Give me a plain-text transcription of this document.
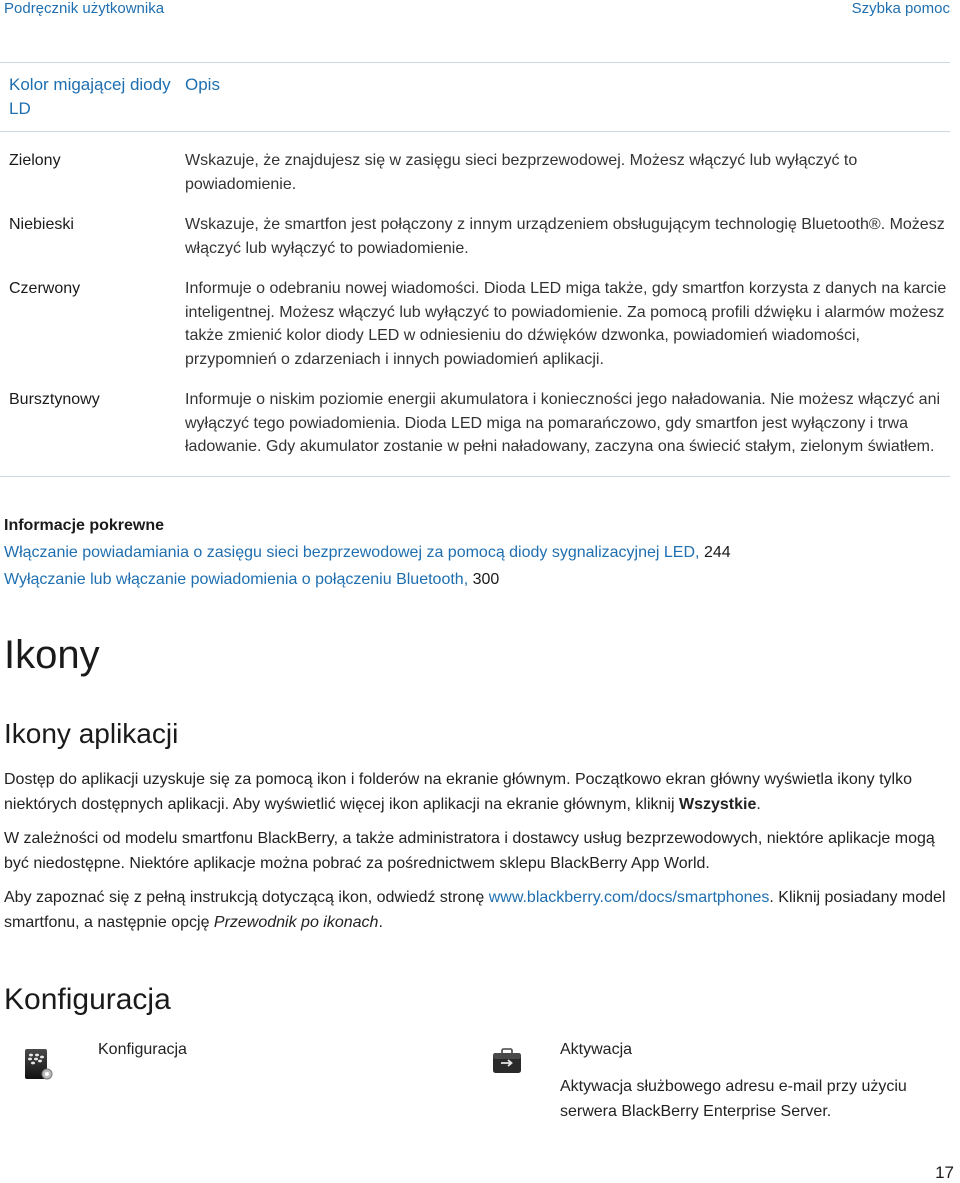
Podręcznik użytkownika	Szybka pomoc
Kolor migającej diody LD	Opis
Zielony	Wskazuje, że znajdujesz się w zasięgu sieci bezprzewodowej. Możesz włączyć lub wyłączyć to powiadomienie.
Niebieski	Wskazuje, że smartfon jest połączony z innym urządzeniem obsługującym technologię Bluetooth®. Możesz włączyć lub wyłączyć to powiadomienie.
Czerwony	Informuje o odebraniu nowej wiadomości. Dioda LED miga także, gdy smartfon korzysta z danych na karcie inteligentnej. Możesz włączyć lub wyłączyć to powiadomienie. Za pomocą profili dźwięku i alarmów możesz także zmienić kolor diody LED w odniesieniu do dźwięków dzwonka, powiadomień wiadomości, przypomnień o zdarzeniach i innych powiadomień aplikacji.
Bursztynowy	Informuje o niskim poziomie energii akumulatora i konieczności jego naładowania. Nie możesz włączyć ani wyłączyć tego powiadomienia. Dioda LED miga na pomarańczowo, gdy smartfon jest wyłączony i trwa ładowanie. Gdy akumulator zostanie w pełni naładowany, zaczyna ona świecić stałym, zielonym światłem.
Informacje pokrewne
Włączanie powiadamiania o zasięgu sieci bezprzewodowej za pomocą diody sygnalizacyjnej LED, 244
Wyłączanie lub włączanie powiadomienia o połączeniu Bluetooth, 300
Ikony
Ikony aplikacji

Dostęp do aplikacji uzyskuje się za pomocą ikon i folderów na ekranie głównym. Początkowo ekran główny wyświetla ikony tylko niektórych dostępnych aplikacji. Aby wyświetlić więcej ikon aplikacji na ekranie głównym, kliknij Wszystkie.

W zależności od modelu smartfonu BlackBerry, a także administratora i dostawcy usług bezprzewodowych, niektóre aplikacje mogą być niedostępne. Niektóre aplikacje można pobrać za pośrednictwem sklepu BlackBerry App World.

Aby zapoznać się z pełną instrukcją dotyczącą ikon, odwiedź stronę www.blackberry.com/docs/smartphones. Kliknij posiadany model smartfonu, a następnie opcję Przewodnik po ikonach.

Konfiguracja
Konfiguracja	Aktywacja
Aktywacja służbowego adresu e-mail przy użyciu serwera BlackBerry Enterprise Server.
17
